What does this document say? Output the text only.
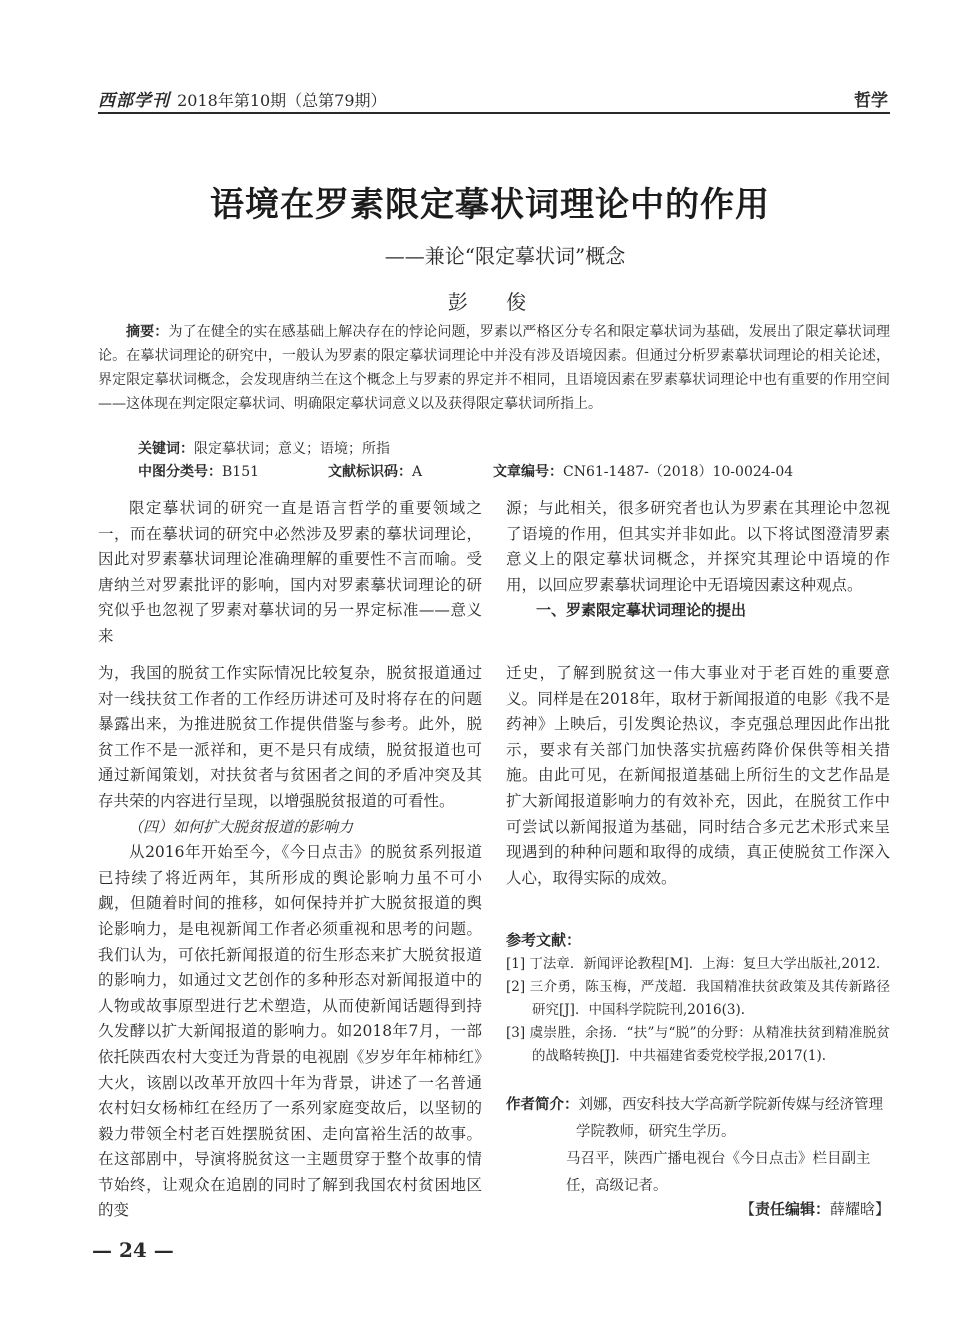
西部学刊 2018年第10期（总第79期）	哲学
语境在罗素限定摹状词理论中的作用
——兼论“限定摹状词”概念
彭 俊

摘要：为了在健全的实在感基础上解决存在的悖论问题，罗素以严格区分专名和限定摹状词为基础，发展出了限定摹状词理论。在摹状词理论的研究中，一般认为罗素的限定摹状词理论中并没有涉及语境因素。但通过分析罗素摹状词理论的相关论述，界定限定摹状词概念，会发现唐纳兰在这个概念上与罗素的界定并不相同，且语境因素在罗素摹状词理论中也有重要的作用空间——这体现在判定限定摹状词、明确限定摹状词意义以及获得限定摹状词所指上。

关键词：限定摹状词；意义；语境；所指
中图分类号：B151	文献标识码：A	文章编号：CN61-1487-（2018）10-0024-04

限定摹状词的研究一直是语言哲学的重要领域之一，而在摹状词的研究中必然涉及罗素的摹状词理论，因此对罗素摹状词理论准确理解的重要性不言而喻。受唐纳兰对罗素批评的影响，国内对罗素摹状词理论的研究似乎也忽视了罗素对摹状词的另一界定标准——意义来

源；与此相关，很多研究者也认为罗素在其理论中忽视了语境的作用，但其实并非如此。以下将试图澄清罗素意义上的限定摹状词概念，并探究其理论中语境的作用，以回应罗素摹状词理论中无语境因素这种观点。

一、罗素限定摹状词理论的提出

为，我国的脱贫工作实际情况比较复杂，脱贫报道通过对一线扶贫工作者的工作经历讲述可及时将存在的问题暴露出来，为推进脱贫工作提供借鉴与参考。此外，脱贫工作不是一派祥和，更不是只有成绩，脱贫报道也可通过新闻策划，对扶贫者与贫困者之间的矛盾冲突及其存共荣的内容进行呈现，以增强脱贫报道的可看性。

（四）如何扩大脱贫报道的影响力

从2016年开始至今，《今日点击》的脱贫系列报道已持续了将近两年，其所形成的舆论影响力虽不可小觑，但随着时间的推移，如何保持并扩大脱贫报道的舆论影响力，是电视新闻工作者必须重视和思考的问题。我们认为，可依托新闻报道的衍生形态来扩大脱贫报道的影响力，如通过文艺创作的多种形态对新闻报道中的人物或故事原型进行艺术塑造，从而使新闻话题得到持久发酵以扩大新闻报道的影响力。如2018年7月，一部依托陕西农村大变迁为背景的电视剧《岁岁年年柿柿红》大火，该剧以改革开放四十年为背景，讲述了一名普通农村妇女杨柿红在经历了一系列家庭变故后，以坚韧的毅力带领全村老百姓摆脱贫困、走向富裕生活的故事。在这部剧中，导演将脱贫这一主题贯穿于整个故事的情节始终，让观众在追剧的同时了解到我国农村贫困地区的变

迁史，了解到脱贫这一伟大事业对于老百姓的重要意义。同样是在2018年，取材于新闻报道的电影《我不是药神》上映后，引发舆论热议，李克强总理因此作出批示，要求有关部门加快落实抗癌药降价保供等相关措施。由此可见，在新闻报道基础上所衍生的文艺作品是扩大新闻报道影响力的有效补充，因此，在脱贫工作中可尝试以新闻报道为基础，同时结合多元艺术形式来呈现遇到的种种问题和取得的成绩，真正使脱贫工作深入人心，取得实际的成效。

参考文献：
[1] 丁法章．新闻评论教程[M]．上海：复旦大学出版社,2012.
[2] 三介勇，陈玉梅，严茂超．我国精准扶贫政策及其传新路径研究[J]．中国科学院院刊,2016(3).
[3] 虞崇胜，余扬．“扶”与“脱”的分野：从精准扶贫到精准脱贫的战略转换[J]．中共福建省委党校学报,2017(1).

作者简介：刘娜，西安科技大学高新学院新传媒与经济管理学院教师，研究生学历。

马召平，陕西广播电视台《今日点击》栏目副主任，高级记者。

【责任编辑：薛耀晗】
— 24 —
